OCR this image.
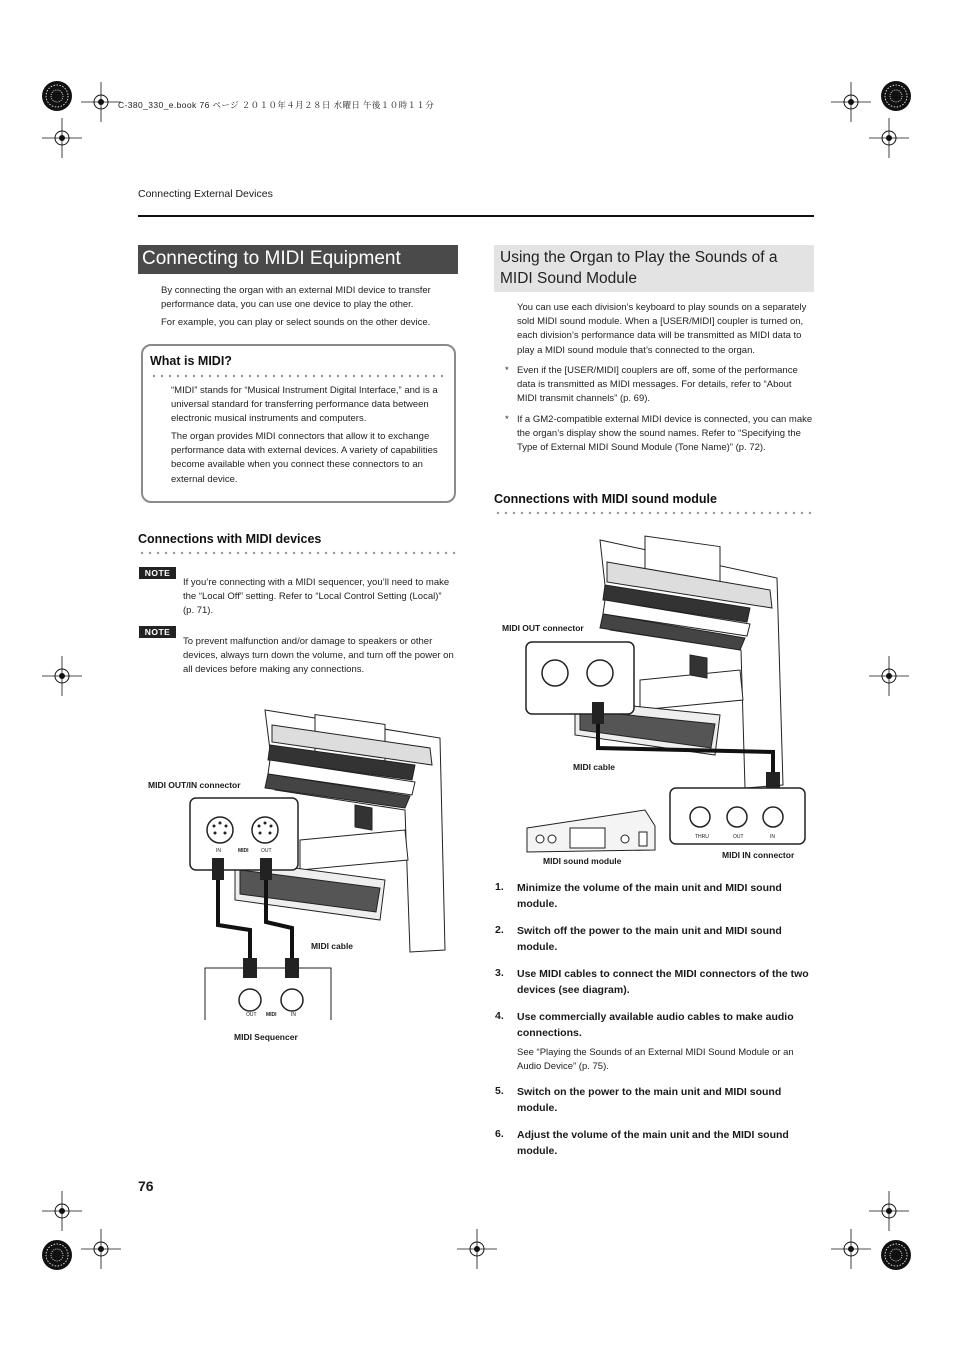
C-380_330_e.book 76 ページ ２０１０年４月２８日 水曜日 午後１０時１１分
Connecting External Devices
Connecting to MIDI Equipment
By connecting the organ with an external MIDI device to transfer performance data, you can use one device to play the other.
For example, you can play or select sounds on the other device.
What is MIDI?
“MIDI” stands for “Musical Instrument Digital Interface,” and is a universal standard for transferring performance data between electronic musical instruments and computers.
The organ provides MIDI connectors that allow it to exchange performance data with external devices. A variety of capabilities become available when you connect these connectors to an external device.
Connections with MIDI devices
NOTE
If you’re connecting with a MIDI sequencer, you’ll need to make the “Local Off” setting. Refer to “Local Control Setting (Local)” (p. 71).
NOTE
To prevent malfunction and/or damage to speakers or other devices, always turn down the volume, and turn off the power on all devices before making any connections.
MIDI OUT/IN connector
IN	MIDI OUT
MIDI cable
OUT MIDI	IN
MIDI Sequencer
Using the Organ to Play the Sounds of a MIDI Sound Module
You can use each division’s keyboard to play sounds on a separately sold MIDI sound module. When a [USER/MIDI] coupler is turned on, each division’s performance data will be transmitted as MIDI data to play a MIDI sound module that’s connected to the organ.
* Even if the [USER/MIDI] couplers are off, some of the performance data is transmitted as MIDI messages. For details, refer to “About MIDI transmit channels” (p. 69).
* If a GM2-compatible external MIDI device is connected, you can make the organ’s display show the sound names. Refer to “Specifying the Type of External MIDI Sound Module (Tone Name)” (p. 72).
Connections with MIDI sound module
MIDI OUT connector
MIDI cable
THRU	OUT	IN
MIDI sound module
MIDI IN connector
1. Minimize the volume of the main unit and MIDI sound module.
2. Switch off the power to the main unit and MIDI sound module.
3. Use MIDI cables to connect the MIDI connectors of the two devices (see diagram).
4. Use commercially available audio cables to make audio connections.
See “Playing the Sounds of an External MIDI Sound Module or an Audio Device” (p. 75).
5. Switch on the power to the main unit and MIDI sound module.
6. Adjust the volume of the main unit and the MIDI sound module.
76
